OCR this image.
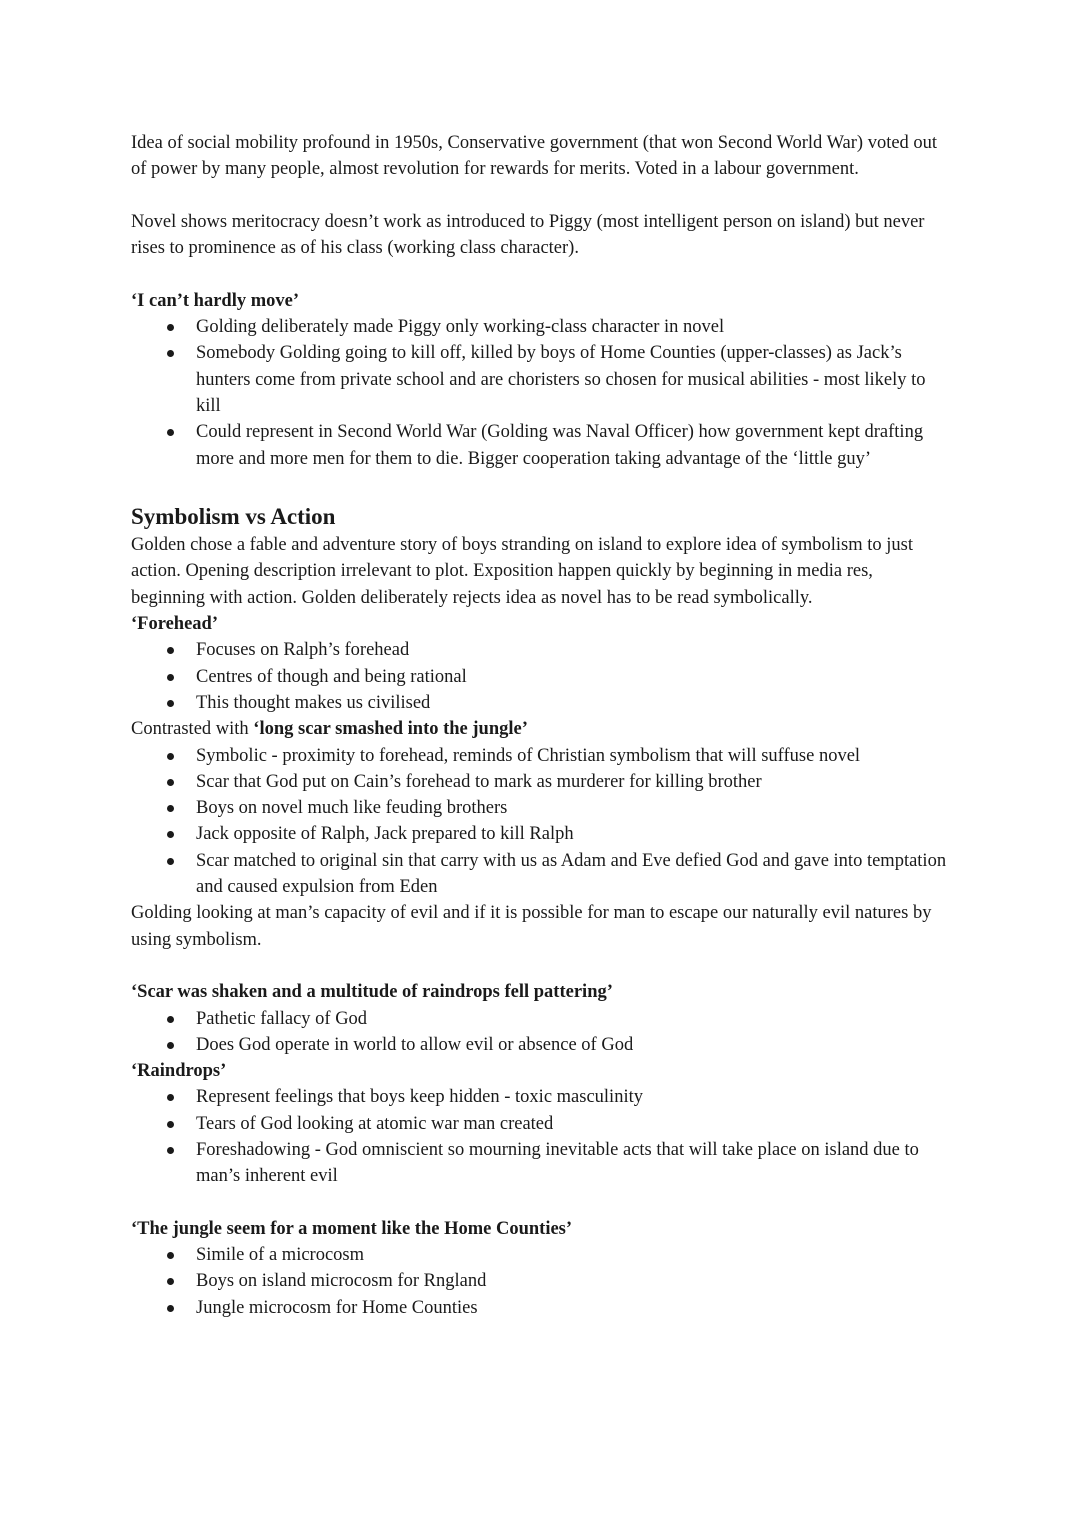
Idea of social mobility profound in 1950s, Conservative government (that won Second World War) voted out of power by many people, almost revolution for rewards for merits. Voted in a labour government.

Novel shows meritocracy doesn’t work as introduced to Piggy (most intelligent person on island) but never rises to prominence as of his class (working class character).

‘I can’t hardly move’

Golding deliberately made Piggy only working-class character in novel
Somebody Golding going to kill off, killed by boys of Home Counties (upper-classes) as Jack’s hunters come from private school and are choristers so chosen for musical abilities - most likely to kill
Could represent in Second World War (Golding was Naval Officer) how government kept drafting more and more men for them to die. Bigger cooperation taking advantage of the ‘little guy’

Symbolism vs Action

Golden chose a fable and adventure story of boys stranding on island to explore idea of symbolism to just action. Opening description irrelevant to plot. Exposition happen quickly by beginning in media res, beginning with action. Golden deliberately rejects idea as novel has to be read symbolically.

‘Forehead’

Focuses on Ralph’s forehead
Centres of though and being rational
This thought makes us civilised

Contrasted with ‘long scar smashed into the jungle’

Symbolic - proximity to forehead, reminds of Christian symbolism that will suffuse novel
Scar that God put on Cain’s forehead to mark as murderer for killing brother
Boys on novel much like feuding brothers
Jack opposite of Ralph, Jack prepared to kill Ralph
Scar matched to original sin that carry with us as Adam and Eve defied God and gave into temptation and caused expulsion from Eden

Golding looking at man’s capacity of evil and if it is possible for man to escape our naturally evil natures by using symbolism.

‘Scar was shaken and a multitude of raindrops fell pattering’

Pathetic fallacy of God
Does God operate in world to allow evil or absence of God

‘Raindrops’

Represent feelings that boys keep hidden - toxic masculinity
Tears of God looking at atomic war man created
Foreshadowing - God omniscient so mourning inevitable acts that will take place on island due to man’s inherent evil

‘The jungle seem for a moment like the Home Counties’

Simile of a microcosm
Boys on island microcosm for Rngland
Jungle microcosm for Home Counties
